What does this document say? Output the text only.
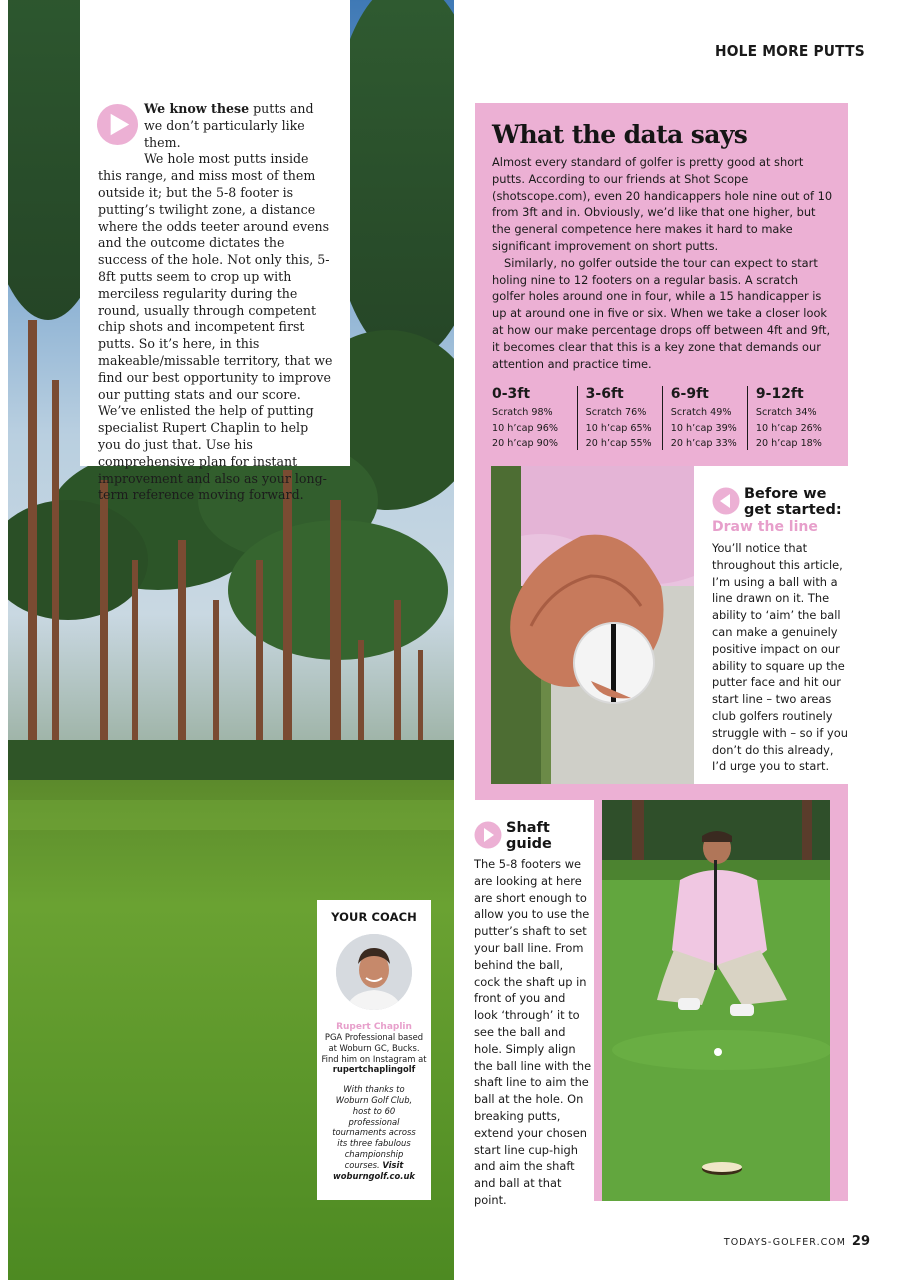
We know these putts and we don’t particularly like them.

We hole most putts inside this range, and miss most of them outside it; but the 5-8 footer is putting’s twilight zone, a distance where the odds teeter around evens and the outcome dictates the success of the hole. Not only this, 5-8ft putts seem to crop up with merciless regularity during the round, usually through competent chip shots and incompetent first putts. So it’s here, in this makeable/missable territory, that we find our best opportunity to improve our putting stats and our score. We’ve enlisted the help of putting specialist Rupert Chaplin to help you do just that. Use his comprehensive plan for instant improvement and also as your long-term reference moving forward.

HOLE MORE PUTTS
What the data says

Almost every standard of golfer is pretty good at short putts. According to our friends at Shot Scope (shotscope.com), even 20 handicappers hole nine out of 10 from 3ft and in. Obviously, we’d like that one higher, but the general competence here makes it hard to make significant improvement on short putts.

Similarly, no golfer outside the tour can expect to start holing nine to 12 footers on a regular basis. A scratch golfer holes around one in four, while a 15 handicapper is up at around one in five or six. When we take a closer look at how our make percentage drops off between 4ft and 9ft, it becomes clear that this is a key zone that demands our attention and practice time.

0-3ft
Scratch 98%
10 h’cap 96%
20 h’cap 90%
3-6ft
Scratch 76%
10 h’cap 65%
20 h’cap 55%
6-9ft
Scratch 49%
10 h’cap 39%
20 h’cap 33%
9-12ft
Scratch 34%
10 h’cap 26%
20 h’cap 18%
Before we get started:
Draw the line
You’ll notice that throughout this article, I’m using a ball with a line drawn on it. The ability to ‘aim’ the ball can make a genuinely positive impact on our ability to square up the putter face and hit our start line – two areas club golfers routinely struggle with – so if you don’t do this already, I’d urge you to start.
Shaft guide
The 5-8 footers we are looking at here are short enough to allow you to use the putter’s shaft to set your ball line. From behind the ball, cock the shaft up in front of you and look ‘through’ it to see the ball and hole. Simply align the ball line with the shaft line to aim the ball at the hole. On breaking putts, extend your chosen start line cup-high and aim the shaft and ball at that point.
YOUR COACH
Rupert Chaplin
PGA Professional based at Woburn GC, Bucks. Find him on Instagram at rupertchaplingolf
With thanks to Woburn Golf Club, host to 60 professional tournaments across its three fabulous championship courses. Visit woburngolf.co.uk
TODAYS-GOLFER.COM 29
